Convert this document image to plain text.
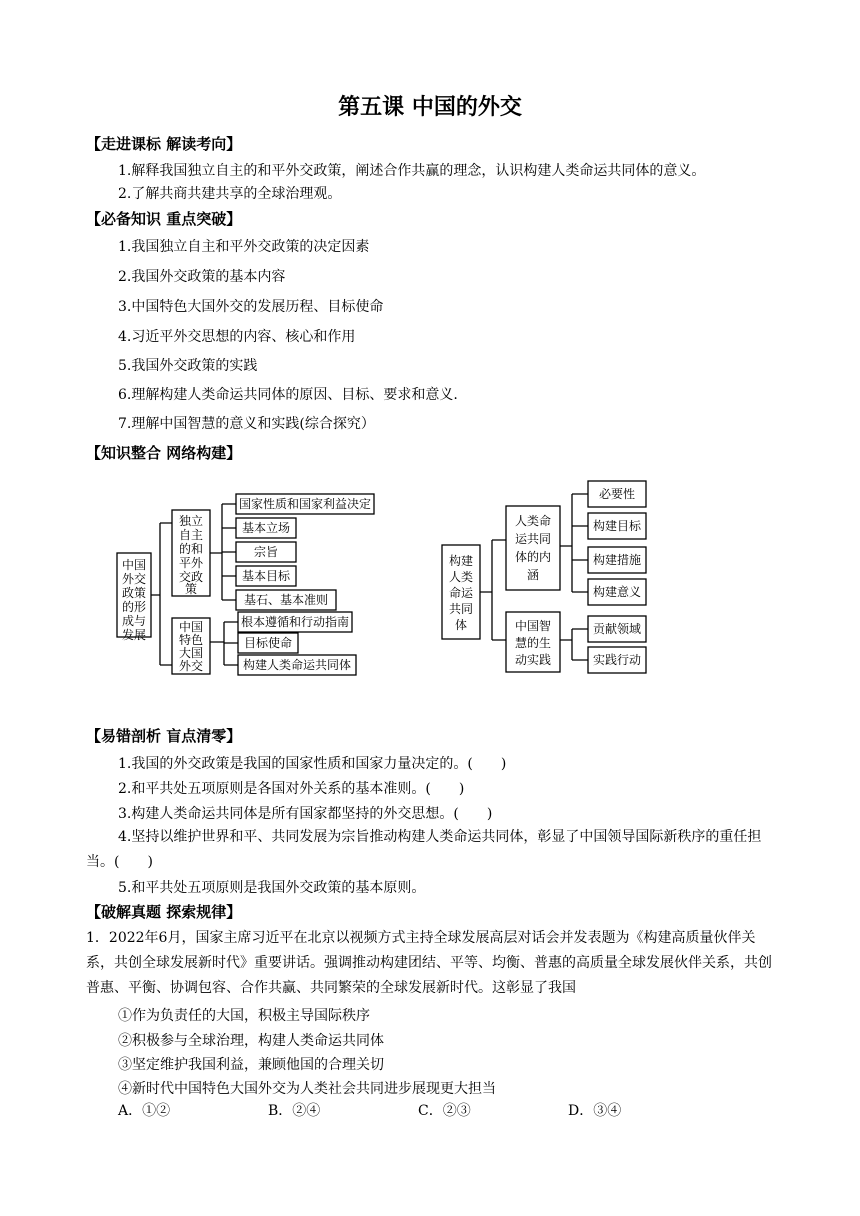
第五课 中国的外交
【走进课标 解读考向】
1.解释我国独立自主的和平外交政策，阐述合作共赢的理念，认识构建人类命运共同体的意义。
2.了解共商共建共享的全球治理观。
【必备知识 重点突破】
1.我国独立自主和平外交政策的决定因素
2.我国外交政策的基本内容
3.中国特色大国外交的发展历程、目标使命
4.习近平外交思想的内容、核心和作用
5.我国外交政策的实践
6.理解构建人类命运共同体的原因、目标、要求和意义.
7.理解中国智慧的意义和实践(综合探究）
【知识整合 网络构建】
中国
外交
政策
的形
成与
发展
独立
自主
的和
平外
交政
策
国家性质和国家利益决定
基本立场
宗旨
基本目标
基石、基本准则
中国
特色
大国
外交
根本遵循和行动指南
目标使命
构建人类命运共同体
构建
人类
命运
共同
体
人类命
运共同
体的内
涵
必要性
构建目标
构建措施
构建意义
中国智
慧的生
动实践
贡献领域
实践行动
【易错剖析 盲点清零】
1.我国的外交政策是我国的国家性质和国家力量决定的。(　　)
2.和平共处五项原则是各国对外关系的基本准则。(　　)
3.构建人类命运共同体是所有国家都坚持的外交思想。(　　)
4.坚持以维护世界和平、共同发展为宗旨推动构建人类命运共同体，彰显了中国领导国际新秩序的重任担当。(　　)
5.和平共处五项原则是我国外交政策的基本原则。
【破解真题 探索规律】
1．2022年6月，国家主席习近平在北京以视频方式主持全球发展高层对话会并发表题为《构建高质量伙伴关系，共创全球发展新时代》重要讲话。强调推动构建团结、平等、均衡、普惠的高质量全球发展伙伴关系，共创普惠、平衡、协调包容、合作共赢、共同繁荣的全球发展新时代。这彰显了我国
①作为负责任的大国，积极主导国际秩序
②积极参与全球治理，构建人类命运共同体
③坚定维护我国利益，兼顾他国的合理关切
④新时代中国特色大国外交为人类社会共同进步展现更大担当
A．①②	B．②④	C．②③	D．③④
